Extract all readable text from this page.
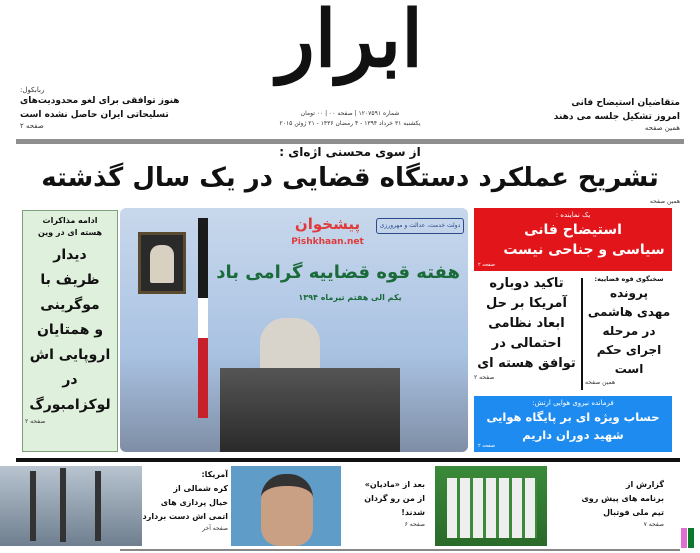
ابرار
شماره ۱۲۰۷۵۹۱ | صفحه ۰۰ | ۰۰ تومان
یکشنبه ۳۱ خرداد ۱۳۹۴ - ۴ رمضان ۱۴۳۶ - ۲۱ ژوئن ۲۰۱۵
ربابکول:
هنوز توافقی برای لغو محدودیت‌های
تسلیحاتی ایران حاصل نشده است
صفحه ۲
متقاضیان استیضاح فانی
امروز تشکیل جلسه می دهند
همین صفحه
از سوی محسنی اژه‌ای :
تشریح عملکرد دستگاه قضایی در یک سال گذشته
همین صفحه
ادامه مذاکرات
هسته ای در وین
دیدار
ظریف با
موگرینی
و همتایان
اروپایی اش
در
لوکزامبورگ
صفحه ۲
دولت خدمت، عدالت و مهرورزی
پیشخوان
Pishkhaan.net
هفته قوه قضاییه گرامی باد
یکم الی هفتم تیرماه ۱۳۹۴
یک نماینده :
استیضاح فانی
سیاسی و جناحی نیست
صفحه ۲
تاکید دوباره
آمریکا بر حل
ابعاد نظامی
احتمالی در
توافق هسته ای
صفحه ۲
سخنگوی قوه قضاییه:
پرونده
مهدی هاشمی
در مرحله
اجرای حکم
است
همین صفحه
فرمانده نیروی هوایی ارتش:
حساب ویژه ای بر پایگاه هوایی
شهید دوران داریم
صفحه ۲
آمریکا:
کره شمالی از
خیال پردازی های
اتمی اش دست بردارد
صفحه آخر
بعد از «مادیان»
از من رو گردان
شدند!
صفحه ۶
گزارش از
برنامه های پیش روی
تیم ملی فوتبال
صفحه ۷
